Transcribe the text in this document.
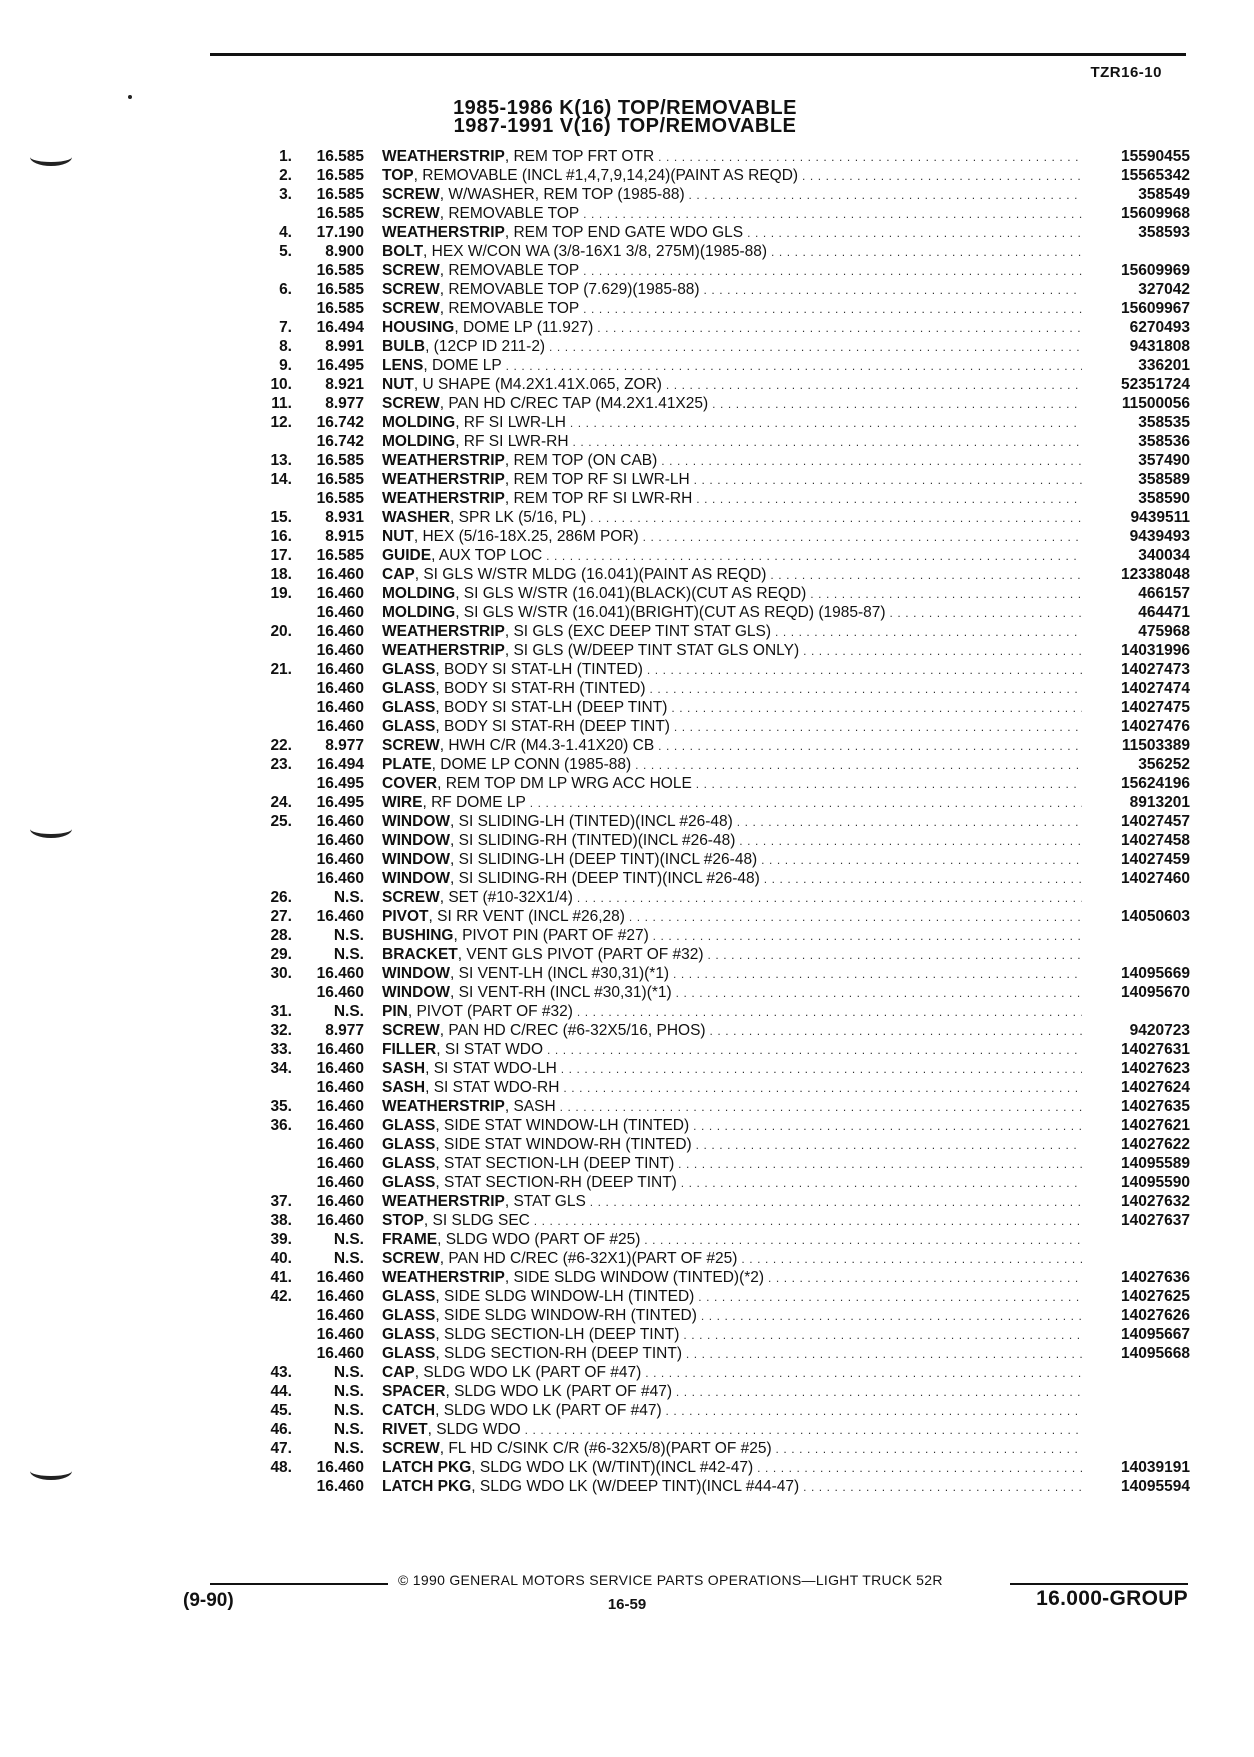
TZR16-10
1985-1986 K(16) TOP/REMOVABLE
1987-1991 V(16) TOP/REMOVABLE
1.	16.585 WEATHERSTRIP, REM TOP FRT OTR . . .	15590455
2.	16.585 TOP, REMOVABLE (INCL #1,4,7,9,14,24)(PAINT AS REQD) . . .	15565342
3.	16.585 SCREW, W/WASHER, REM TOP (1985-88) . . .	358549
16.585 SCREW, REMOVABLE TOP . . .	15609968
4.	17.190 WEATHERSTRIP, REM TOP END GATE WDO GLS . . .	358593
5.	8.900 BOLT, HEX W/CON WA (3/8-16X1 3/8, 275M)(1985-88) . . .
16.585 SCREW, REMOVABLE TOP . . .	15609969
6.	16.585 SCREW, REMOVABLE TOP (7.629)(1985-88) . . .	327042
16.585 SCREW, REMOVABLE TOP . . .	15609967
7.	16.494 HOUSING, DOME LP (11.927) . . .	6270493
8.	8.991 BULB, (12CP ID 211-2) . . .	9431808
9.	16.495 LENS, DOME LP . . .	336201
10.	8.921 NUT, U SHAPE (M4.2X1.41X.065, ZOR) . . .	52351724
11.	8.977 SCREW, PAN HD C/REC TAP (M4.2X1.41X25) . . .	11500056
12.	16.742 MOLDING, RF SI LWR-LH . . .	358535
16.742 MOLDING, RF SI LWR-RH . . .	358536
13.	16.585 WEATHERSTRIP, REM TOP (ON CAB) . . .	357490
14.	16.585 WEATHERSTRIP, REM TOP RF SI LWR-LH . . .	358589
16.585 WEATHERSTRIP, REM TOP RF SI LWR-RH . . .	358590
15.	8.931 WASHER, SPR LK (5/16, PL) . . .	9439511
16.	8.915 NUT, HEX (5/16-18X.25, 286M POR) . . .	9439493
17.	16.585 GUIDE, AUX TOP LOC . . .	340034
18.	16.460 CAP, SI GLS W/STR MLDG (16.041)(PAINT AS REQD) . . .	12338048
19.	16.460 MOLDING, SI GLS W/STR (16.041)(BLACK)(CUT AS REQD) . . .	466157
16.460 MOLDING, SI GLS W/STR (16.041)(BRIGHT)(CUT AS REQD) (1985-87) . . .	464471
20.	16.460 WEATHERSTRIP, SI GLS (EXC DEEP TINT STAT GLS) . . .	475968
16.460 WEATHERSTRIP, SI GLS (W/DEEP TINT STAT GLS ONLY) . . .	14031996
21.	16.460 GLASS, BODY SI STAT-LH (TINTED) . . .	14027473
16.460 GLASS, BODY SI STAT-RH (TINTED) . . .	14027474
16.460 GLASS, BODY SI STAT-LH (DEEP TINT) . . .	14027475
16.460 GLASS, BODY SI STAT-RH (DEEP TINT) . . .	14027476
22.	8.977 SCREW, HWH C/R (M4.3-1.41X20) CB . . .	11503389
23.	16.494 PLATE, DOME LP CONN (1985-88) . . .	356252
16.495 COVER, REM TOP DM LP WRG ACC HOLE . . .	15624196
24.	16.495 WIRE, RF DOME LP . . .	8913201
25.	16.460 WINDOW, SI SLIDING-LH (TINTED)(INCL #26-48) . . .	14027457
16.460 WINDOW, SI SLIDING-RH (TINTED)(INCL #26-48) . . .	14027458
16.460 WINDOW, SI SLIDING-LH (DEEP TINT)(INCL #26-48) . . .	14027459
16.460 WINDOW, SI SLIDING-RH (DEEP TINT)(INCL #26-48) . . .	14027460
26.	N.S. SCREW, SET (#10-32X1/4) . . .
27.	16.460 PIVOT, SI RR VENT (INCL #26,28) . . .	14050603
28.	N.S. BUSHING, PIVOT PIN (PART OF #27) . . .
29.	N.S. BRACKET, VENT GLS PIVOT (PART OF #32) . . .
30.	16.460 WINDOW, SI VENT-LH (INCL #30,31)(*1) . . .	14095669
16.460 WINDOW, SI VENT-RH (INCL #30,31)(*1) . . .	14095670
31.	N.S. PIN, PIVOT (PART OF #32) . . .
32.	8.977 SCREW, PAN HD C/REC (#6-32X5/16, PHOS) . . .	9420723
33.	16.460 FILLER, SI STAT WDO . . .	14027631
34.	16.460 SASH, SI STAT WDO-LH . . .	14027623
16.460 SASH, SI STAT WDO-RH . . .	14027624
35.	16.460 WEATHERSTRIP, SASH . . .	14027635
36.	16.460 GLASS, SIDE STAT WINDOW-LH (TINTED) . . .	14027621
16.460 GLASS, SIDE STAT WINDOW-RH (TINTED) . . .	14027622
16.460 GLASS, STAT SECTION-LH (DEEP TINT) . . .	14095589
16.460 GLASS, STAT SECTION-RH (DEEP TINT) . . .	14095590
37.	16.460 WEATHERSTRIP, STAT GLS . . .	14027632
38.	16.460 STOP, SI SLDG SEC . . .	14027637
39.	N.S. FRAME, SLDG WDO (PART OF #25) . . .
40.	N.S. SCREW, PAN HD C/REC (#6-32X1)(PART OF #25) . . .
41.	16.460 WEATHERSTRIP, SIDE SLDG WINDOW (TINTED)(*2) . . .	14027636
42.	16.460 GLASS, SIDE SLDG WINDOW-LH (TINTED) . . .	14027625
16.460 GLASS, SIDE SLDG WINDOW-RH (TINTED) . . .	14027626
16.460 GLASS, SLDG SECTION-LH (DEEP TINT) . . .	14095667
16.460 GLASS, SLDG SECTION-RH (DEEP TINT) . . .	14095668
43.	N.S. CAP, SLDG WDO LK (PART OF #47) . . .
44.	N.S. SPACER, SLDG WDO LK (PART OF #47) . . .
45.	N.S. CATCH, SLDG WDO LK (PART OF #47) . . .
46.	N.S. RIVET, SLDG WDO . . .
47.	N.S. SCREW, FL HD C/SINK C/R (#6-32X5/8)(PART OF #25) . . .
48.	16.460 LATCH PKG, SLDG WDO LK (W/TINT)(INCL #42-47) . . .	14039191
16.460 LATCH PKG, SLDG WDO LK (W/DEEP TINT)(INCL #44-47) . . .	14095594
© 1990 GENERAL MOTORS SERVICE PARTS OPERATIONS—LIGHT TRUCK 52R
16-59
(9-90)	16.000-GROUP
